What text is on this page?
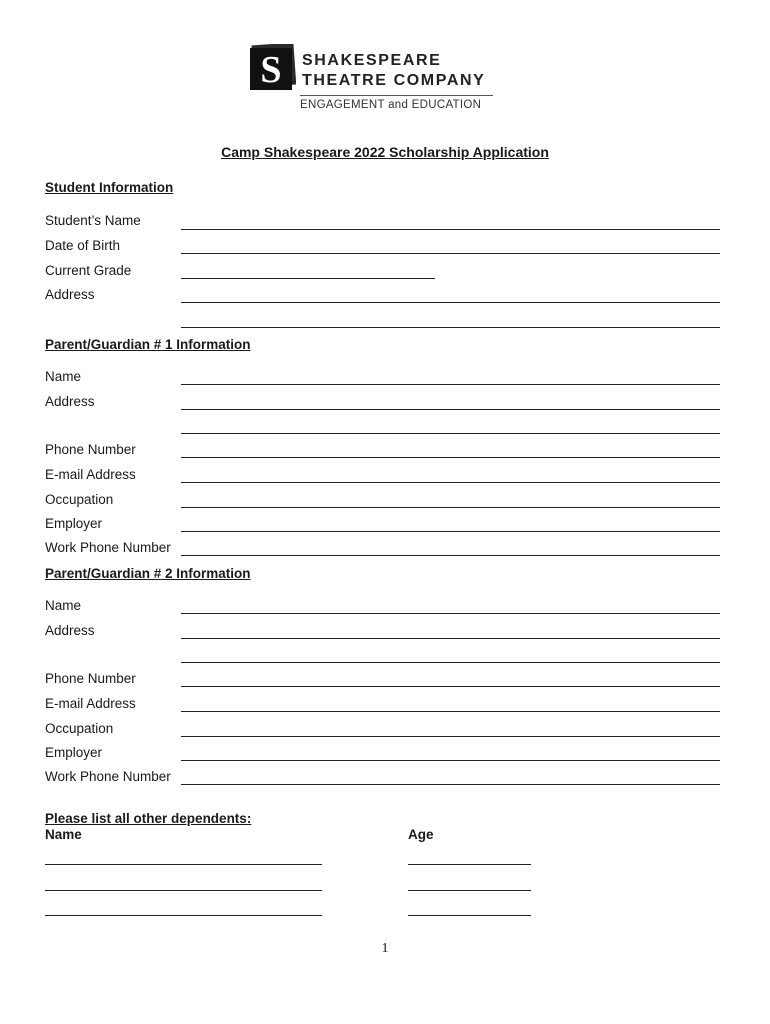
S SHAKESPEARE
THEATRE COMPANY
ENGAGEMENT and EDUCATION
Camp Shakespeare 2022 Scholarship Application
Student Information
Student’s Name
Date of Birth
Current Grade
Address
Parent/Guardian # 1 Information
Name
Address
Phone Number
E-mail Address
Occupation
Employer
Work Phone Number
Parent/Guardian # 2 Information
Name
Address
Phone Number
E-mail Address
Occupation
Employer
Work Phone Number
Please list all other dependents:
Name	Age
1
